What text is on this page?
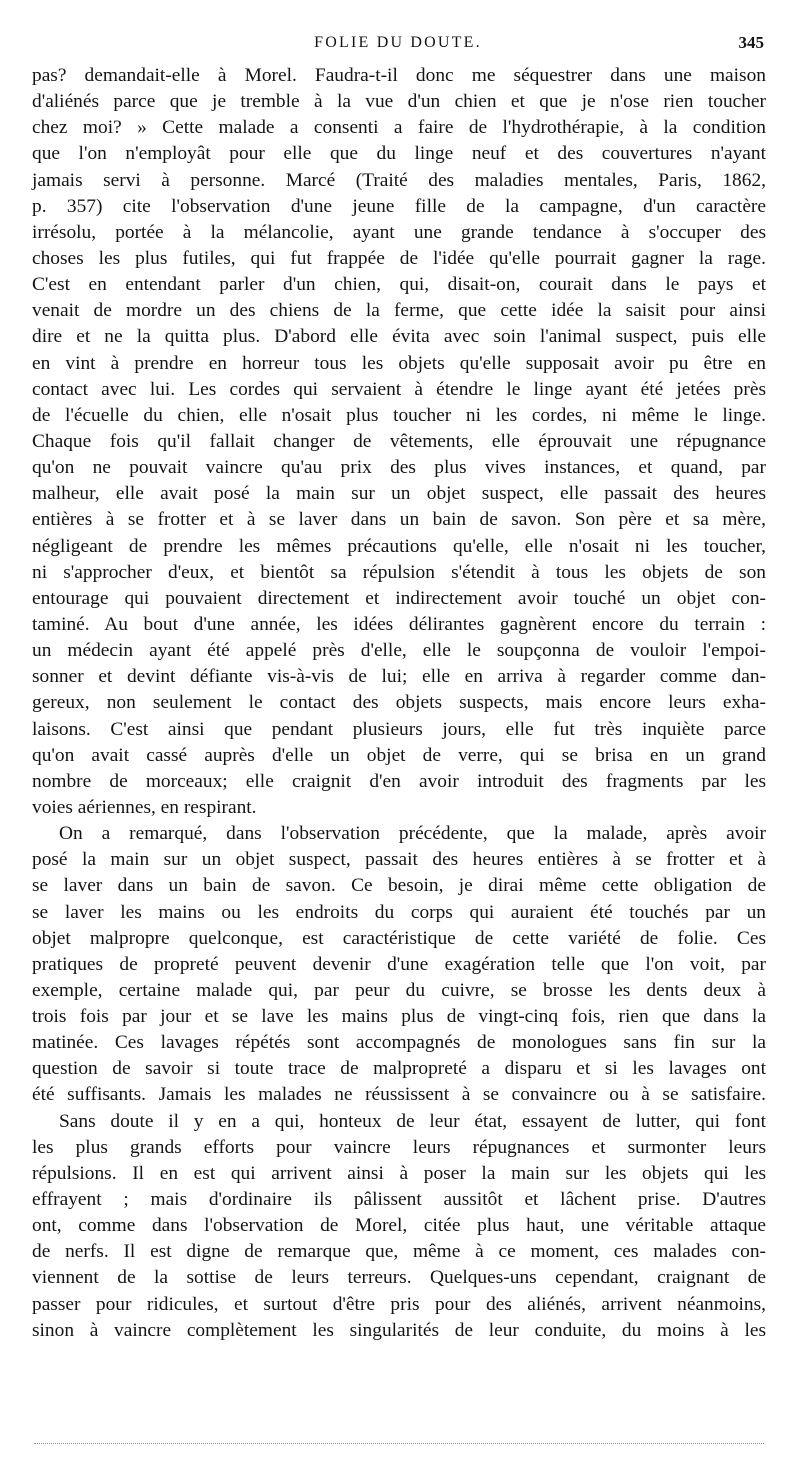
FOLIE DU DOUTE.	345
pas? demandait-elle à Morel. Faudra-t-il donc me séquestrer dans une maison
d'aliénés parce que je tremble à la vue d'un chien et que je n'ose rien toucher
chez moi? » Cette malade a consenti a faire de l'hydrothérapie, à la condition
que l'on n'employât pour elle que du linge neuf et des couvertures n'ayant
jamais servi à personne. Marcé (Traité des maladies mentales, Paris, 1862,
p. 357) cite l'observation d'une jeune fille de la campagne, d'un caractère
irrésolu, portée à la mélancolie, ayant une grande tendance à s'occuper des
choses les plus futiles, qui fut frappée de l'idée qu'elle pourrait gagner la rage.
C'est en entendant parler d'un chien, qui, disait-on, courait dans le pays et
venait de mordre un des chiens de la ferme, que cette idée la saisit pour ainsi
dire et ne la quitta plus. D'abord elle évita avec soin l'animal suspect, puis elle
en vint à prendre en horreur tous les objets qu'elle supposait avoir pu être en
contact avec lui. Les cordes qui servaient à étendre le linge ayant été jetées près
de l'écuelle du chien, elle n'osait plus toucher ni les cordes, ni même le linge.
Chaque fois qu'il fallait changer de vêtements, elle éprouvait une répugnance
qu'on ne pouvait vaincre qu'au prix des plus vives instances, et quand, par
malheur, elle avait posé la main sur un objet suspect, elle passait des heures
entières à se frotter et à se laver dans un bain de savon. Son père et sa mère,
négligeant de prendre les mêmes précautions qu'elle, elle n'osait ni les toucher,
ni s'approcher d'eux, et bientôt sa répulsion s'étendit à tous les objets de son
entourage qui pouvaient directement et indirectement avoir touché un objet con-
taminé. Au bout d'une année, les idées délirantes gagnèrent encore du terrain :
un médecin ayant été appelé près d'elle, elle le soupçonna de vouloir l'empoi-
sonner et devint défiante vis-à-vis de lui; elle en arriva à regarder comme dan-
gereux, non seulement le contact des objets suspects, mais encore leurs exha-
laisons. C'est ainsi que pendant plusieurs jours, elle fut très inquiète parce
qu'on avait cassé auprès d'elle un objet de verre, qui se brisa en un grand
nombre de morceaux; elle craignit d'en avoir introduit des fragments par les
voies aériennes, en respirant.
On a remarqué, dans l'observation précédente, que la malade, après avoir
posé la main sur un objet suspect, passait des heures entières à se frotter et à
se laver dans un bain de savon. Ce besoin, je dirai même cette obligation de
se laver les mains ou les endroits du corps qui auraient été touchés par un
objet malpropre quelconque, est caractéristique de cette variété de folie. Ces
pratiques de propreté peuvent devenir d'une exagération telle que l'on voit, par
exemple, certaine malade qui, par peur du cuivre, se brosse les dents deux à
trois fois par jour et se lave les mains plus de vingt-cinq fois, rien que dans la
matinée. Ces lavages répétés sont accompagnés de monologues sans fin sur la
question de savoir si toute trace de malpropreté a disparu et si les lavages ont
été suffisants. Jamais les malades ne réussissent à se convaincre ou à se satisfaire.
Sans doute il y en a qui, honteux de leur état, essayent de lutter, qui font
les plus grands efforts pour vaincre leurs répugnances et surmonter leurs
répulsions. Il en est qui arrivent ainsi à poser la main sur les objets qui les
effrayent ; mais d'ordinaire ils pâlissent aussitôt et lâchent prise. D'autres
ont, comme dans l'observation de Morel, citée plus haut, une véritable attaque
de nerfs. Il est digne de remarque que, même à ce moment, ces malades con-
viennent de la sottise de leurs terreurs. Quelques-uns cependant, craignant de
passer pour ridicules, et surtout d'être pris pour des aliénés, arrivent néanmoins,
sinon à vaincre complètement les singularités de leur conduite, du moins à les
